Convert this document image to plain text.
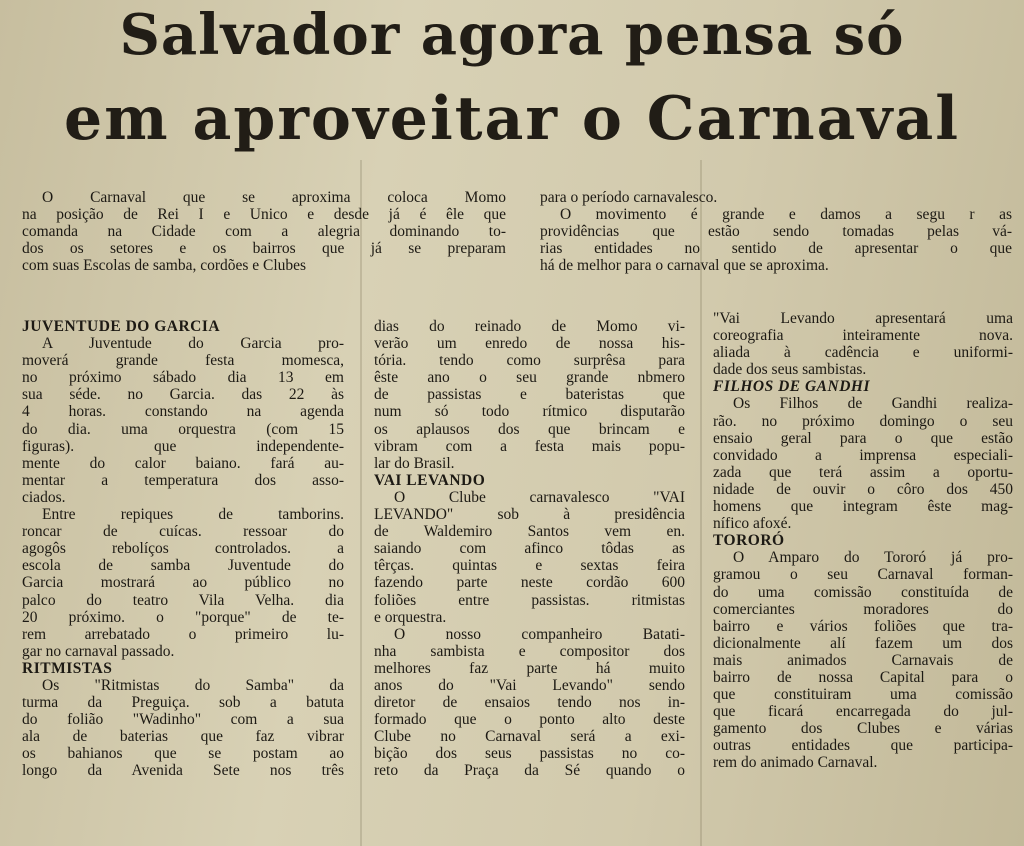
Salvador agora pensa só
em aproveitar o Carnaval

O Carnaval que se aproxima coloca Momo
na posição de Rei I e Unico e desde já é êle que
comanda na Cidade com a alegria dominando to-
dos os setores e os bairros que já se preparam
com suas Escolas de samba, cordões e Clubes

para o período carnavalesco.
O movimento é grande e damos a segu r as
providências que estão sendo tomadas pelas vá-
rias entidades no sentido de apresentar o que
há de melhor para o carnaval que se aproxima.

JUVENTUDE DO GARCIA

A Juventude do Garcia pro-
moverá grande festa momesca,
no próximo sábado dia 13 em
sua séde. no Garcia. das 22 às
4 horas. constando na agenda
do dia. uma orquestra (com 15
figuras). que independente-
mente do calor baiano. fará au-
mentar a temperatura dos asso-
ciados.

Entre repiques de tamborins.
roncar de cuícas. ressoar do
agogôs rebolíços controlados. a
escola de samba Juventude do
Garcia mostrará ao público no
palco do teatro Vila Velha. dia
20 próximo. o "porque" de te-
rem arrebatado o primeiro lu-
gar no carnaval passado.

RITMISTAS

Os "Ritmistas do Samba" da
turma da Preguiça. sob a batuta
do folião "Wadinho" com a sua
ala de baterias que faz vibrar
os bahianos que se postam ao
longo da Avenida Sete nos três

dias do reinado de Momo vi-
verão um enredo de nossa his-
tória. tendo como surprêsa para
êste ano o seu grande nbmero
de passistas e bateristas que
num só todo rítmico disputarão
os aplausos dos que brincam e
vibram com a festa mais popu-
lar do Brasil.

VAI LEVANDO

O Clube carnavalesco "VAI
LEVANDO" sob à presidência
de Waldemiro Santos vem en.
saiando com afinco tôdas as
têrças. quintas e sextas feira
fazendo parte neste cordão 600
foliões entre passistas. ritmistas
e orquestra.

O nosso companheiro Batati-
nha sambista e compositor dos
melhores faz parte há muito
anos do "Vai Levando" sendo
diretor de ensaios tendo nos in-
formado que o ponto alto deste
Clube no Carnaval será a exi-
bição dos seus passistas no co-
reto da Praça da Sé quando o

"Vai Levando apresentará uma
coreografia inteiramente nova.
aliada à cadência e uniformi-
dade dos seus sambistas.

FILHOS DE GANDHI

Os Filhos de Gandhi realiza-
rão. no próximo domingo o seu
ensaio geral para o que estão
convidado a imprensa especiali-
zada que terá assim a oportu-
nidade de ouvir o côro dos 450
homens que integram êste mag-
nífico afoxé.

TORORÓ

O Amparo do Tororó já pro-
gramou o seu Carnaval forman-
do uma comissão constituída de
comerciantes moradores do
bairro e vários foliões que tra-
dicionalmente alí fazem um dos
mais animados Carnavais de
bairro de nossa Capital para o
que constituiram uma comissão
que ficará encarregada do jul-
gamento dos Clubes e várias
outras entidades que participa-
rem do animado Carnaval.
